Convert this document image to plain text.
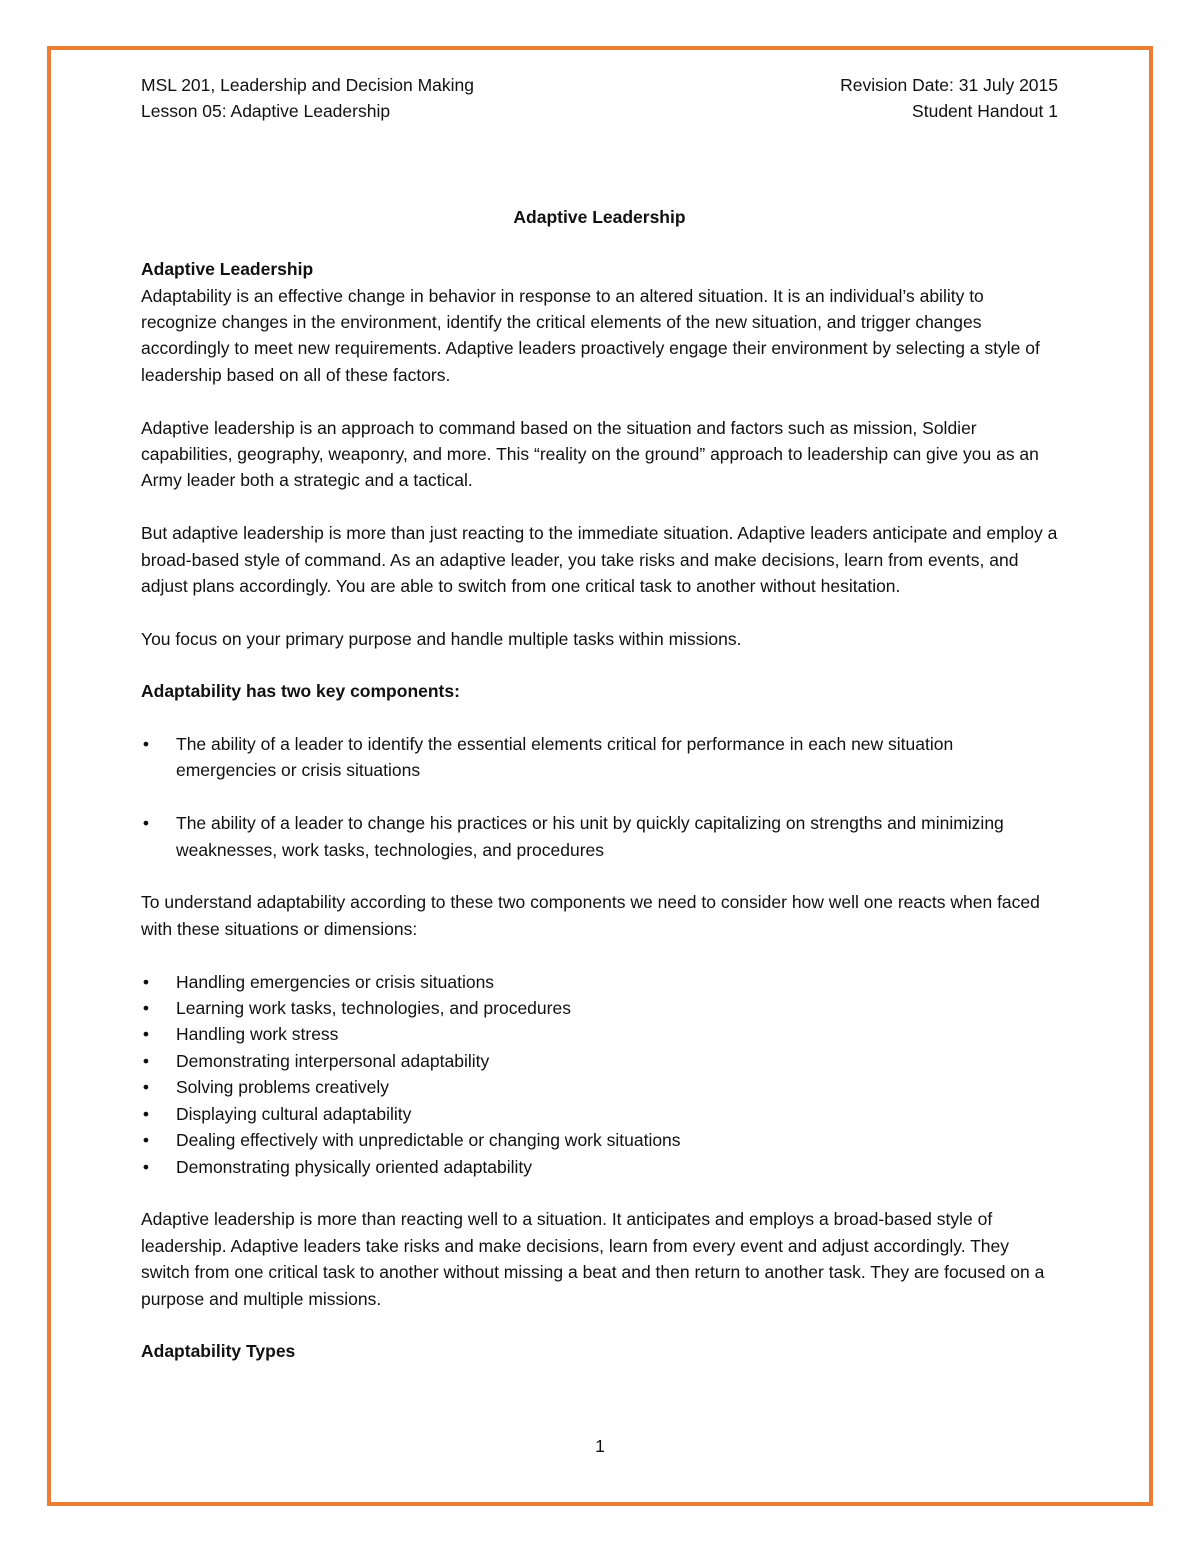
MSL 201, Leadership and Decision Making	Revision Date: 31 July 2015
Lesson 05: Adaptive Leadership	Student Handout 1
Adaptive Leadership
Adaptive Leadership

Adaptability is an effective change in behavior in response to an altered situation. It is an individual’s ability to recognize changes in the environment, identify the critical elements of the new situation, and trigger changes accordingly to meet new requirements. Adaptive leaders proactively engage their environment by selecting a style of leadership based on all of these factors.

Adaptive leadership is an approach to command based on the situation and factors such as mission, Soldier capabilities, geography, weaponry, and more. This “reality on the ground” approach to leadership can give you as an Army leader both a strategic and a tactical.

But adaptive leadership is more than just reacting to the immediate situation. Adaptive leaders anticipate and employ a broad-based style of command. As an adaptive leader, you take risks and make decisions, learn from events, and adjust plans accordingly. You are able to switch from one critical task to another without hesitation.

You focus on your primary purpose and handle multiple tasks within missions.

Adaptability has two key components:
• The ability of a leader to identify the essential elements critical for performance in each new situation emergencies or crisis situations
• The ability of a leader to change his practices or his unit by quickly capitalizing on strengths and minimizing weaknesses, work tasks, technologies, and procedures

To understand adaptability according to these two components we need to consider how well one reacts when faced with these situations or dimensions:

• Handling emergencies or crisis situations
• Learning work tasks, technologies, and procedures
• Handling work stress
• Demonstrating interpersonal adaptability
• Solving problems creatively
• Displaying cultural adaptability
• Dealing effectively with unpredictable or changing work situations
• Demonstrating physically oriented adaptability

Adaptive leadership is more than reacting well to a situation. It anticipates and employs a broad-based style of leadership. Adaptive leaders take risks and make decisions, learn from every event and adjust accordingly. They switch from one critical task to another without missing a beat and then return to another task. They are focused on a purpose and multiple missions.

Adaptability Types
1
